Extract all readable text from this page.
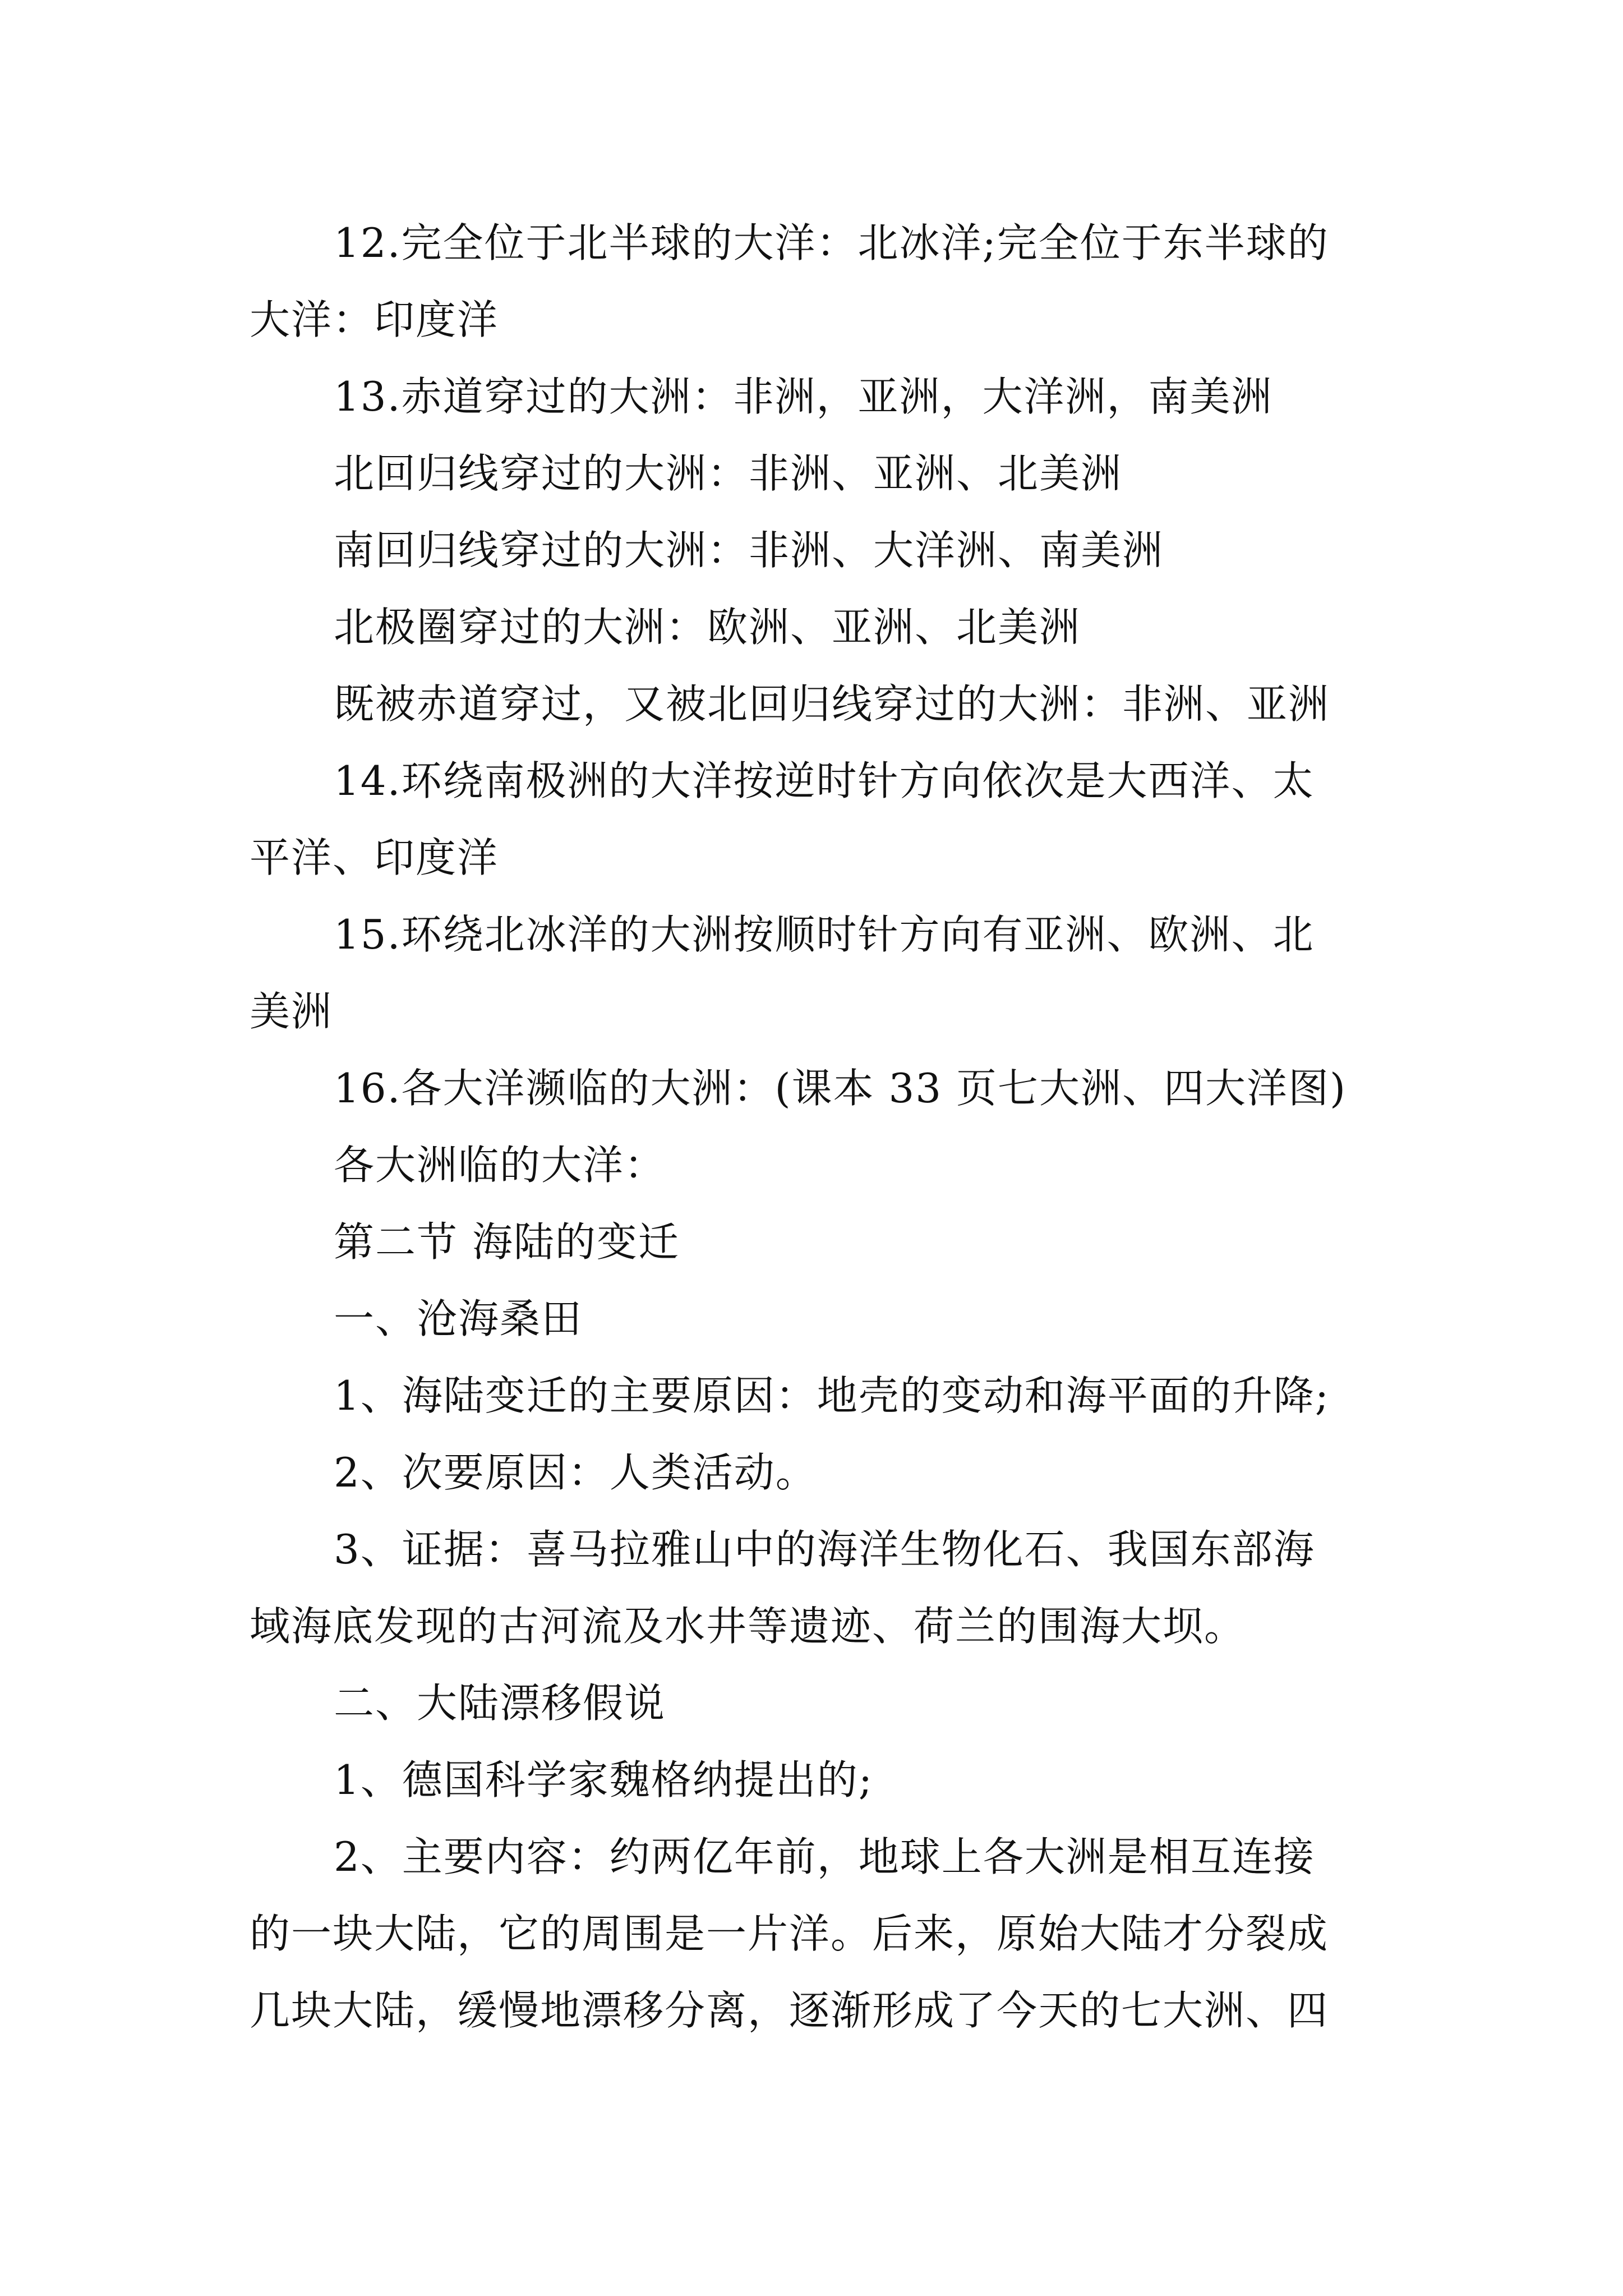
12.完全位于北半球的大洋：北冰洋;完全位于东半球的
大洋：印度洋
13.赤道穿过的大洲：非洲，亚洲，大洋洲，南美洲
北回归线穿过的大洲：非洲、亚洲、北美洲
南回归线穿过的大洲：非洲、大洋洲、南美洲
北极圈穿过的大洲：欧洲、亚洲、北美洲
既被赤道穿过，又被北回归线穿过的大洲：非洲、亚洲
14.环绕南极洲的大洋按逆时针方向依次是大西洋、太
平洋、印度洋
15.环绕北冰洋的大洲按顺时针方向有亚洲、欧洲、北
美洲
16.各大洋濒临的大洲：(课本 33 页七大洲、四大洋图)
各大洲临的大洋：
第二节 海陆的变迁
一、沧海桑田
1、海陆变迁的主要原因：地壳的变动和海平面的升降;
2、次要原因：人类活动。
3、证据：喜马拉雅山中的海洋生物化石、我国东部海
域海底发现的古河流及水井等遗迹、荷兰的围海大坝。
二、大陆漂移假说
1、德国科学家魏格纳提出的;
2、主要内容：约两亿年前，地球上各大洲是相互连接
的一块大陆，它的周围是一片洋。后来，原始大陆才分裂成
几块大陆，缓慢地漂移分离，逐渐形成了今天的七大洲、四
